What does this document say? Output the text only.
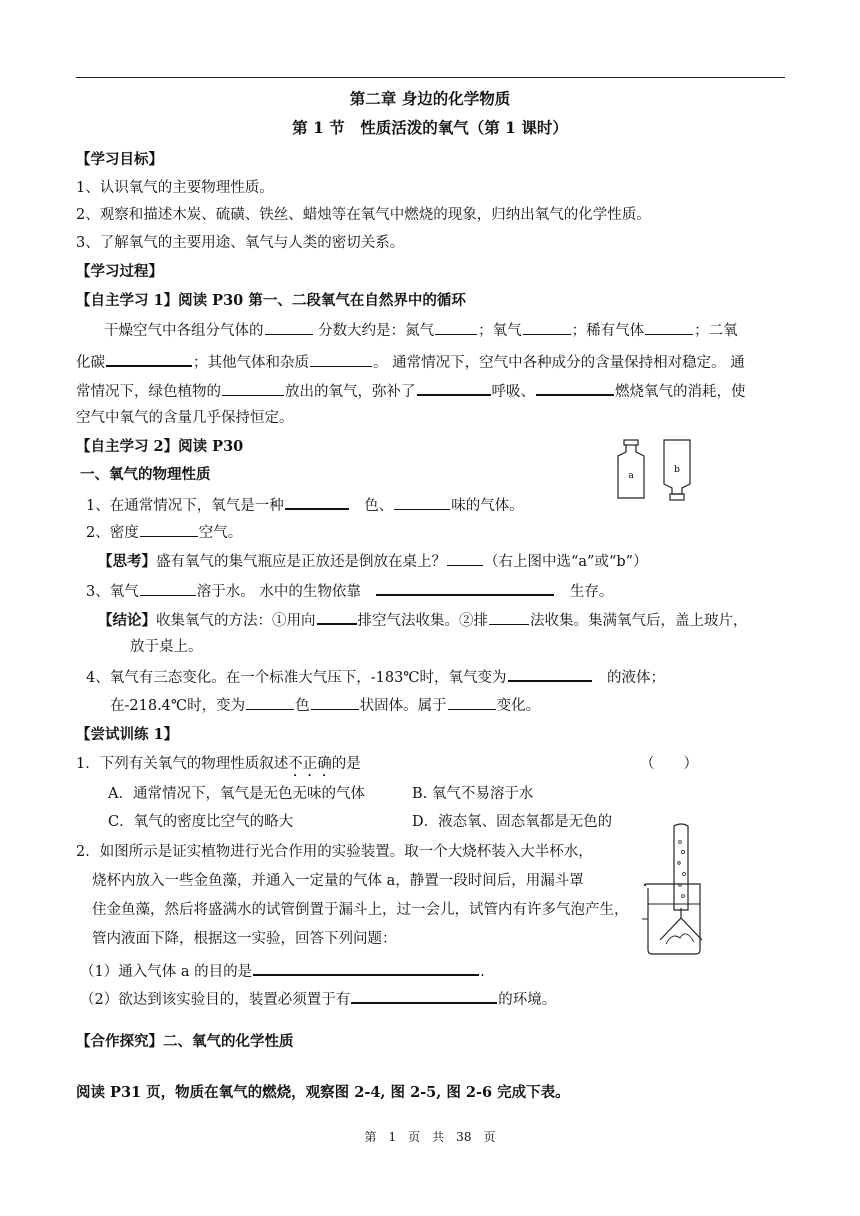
第二章 身边的化学物质
第 1 节　性质活泼的氧气（第 1 课时）
【学习目标】
1、认识氧气的主要物理性质。
2、观察和描述木炭、硫磺、铁丝、蜡烛等在氧气中燃烧的现象，归纳出氧气的化学性质。
3、了解氧气的主要用途、氧气与人类的密切关系。
【学习过程】
【自主学习 1】阅读 P30 第一、二段氧气在自然界中的循环
干燥空气中各组分气体的	分数大约是：氮气	；氧气	；稀有气体	；二氧
化碳	；其他气体和杂质	。 通常情况下，空气中各种成分的含量保持相对稳定。 通
常情况下，绿色植物的	放出的氧气，弥补了	呼吸、	燃烧氧气的消耗，使
空气中氧气的含量几乎保持恒定。
【自主学习 2】阅读 P30
一、氧气的物理性质	a
b
1、在通常情况下，氧气是一种　	色、	味的气体。
2、密度	空气。
【思考】盛有氧气的集气瓶应是正放还是倒放在桌上？	（右上图中选“a”或“b”）
3、氧气	溶于水。 水中的生物依靠　　	生存。
【结论】收集氧气的方法：①用向	排空气法收集。②排	法收集。集满氧气后，盖上玻片，
放于桌上。
4、氧气有三态变化。在一个标准大气压下，-183℃时，氧气变为　	的液体；
在-218.4℃时，变为	色	状固体。属于	变化。
【尝试训练 1】
1．下列有关氧气的物理性质叙述不正确的是	（　　）
A．通常情况下，氧气是无色无味的气体	B. 氧气不易溶于水
C．氧气的密度比空气的略大	D．液态氧、固态氧都是无色的
2．如图所示是证实植物进行光合作用的实验装置。取一个大烧杯装入大半杯水，
烧杯内放入一些金鱼藻，并通入一定量的气体 a，静置一段时间后，用漏斗罩
住金鱼藻，然后将盛满水的试管倒置于漏斗上，过一会儿，试管内有许多气泡产生，
管内液面下降，根据这一实验，回答下列问题：
（1）通入气体 a 的目的是	.
（2）欲达到该实验目的，装置必须置于有	的环境。
【合作探究】二、氧气的化学性质
阅读 P31 页，物质在氧气的燃烧，观察图 2-4, 图 2-5, 图 2-6 完成下表。
第　1　页　共　38　页
